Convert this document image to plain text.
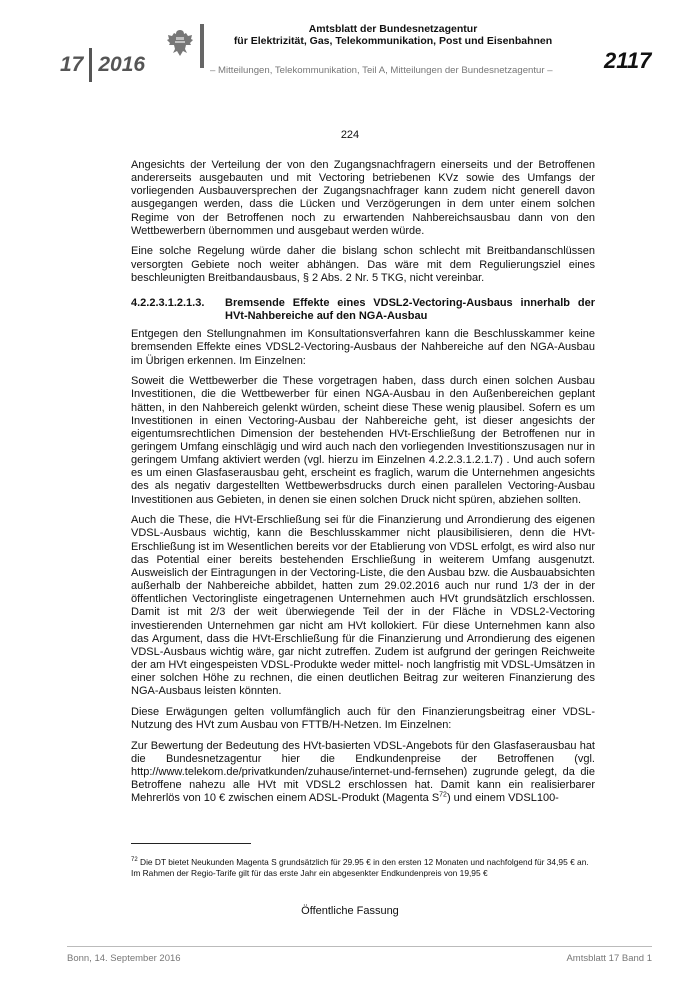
17 2016
Amtsblatt der Bundesnetzagentur
für Elektrizität, Gas, Telekommunikation, Post und Eisenbahnen
– Mitteilungen, Telekommunikation, Teil A, Mitteilungen der Bundesnetzagentur –	2117
224

Angesichts der Verteilung der von den Zugangsnachfragern einerseits und der Betroffenen andererseits ausgebauten und mit Vectoring betriebenen KVz sowie des Umfangs der vorliegenden Ausbauversprechen der Zugangsnachfrager kann zudem nicht generell davon ausgegangen werden, dass die Lücken und Verzögerungen in dem unter einem solchen Regime von der Betroffenen noch zu erwartenden Nahbereichsausbau dann von den Wettbewerbern übernommen und ausgebaut werden würde.

Eine solche Regelung würde daher die bislang schon schlecht mit Breitbandanschlüssen versorgten Gebiete noch weiter abhängen. Das wäre mit dem Regulierungsziel eines beschleunigten Breitbandausbaus, § 2 Abs. 2 Nr. 5 TKG, nicht vereinbar.

4.2.2.3.1.2.1.3.	Bremsende Effekte eines VDSL2-Vectoring-Ausbaus innerhalb der HVt-Nahbereiche auf den NGA-Ausbau

Entgegen den Stellungnahmen im Konsultationsverfahren kann die Beschlusskammer keine bremsenden Effekte eines VDSL2-Vectoring-Ausbaus der Nahbereiche auf den NGA-Ausbau im Übrigen erkennen. Im Einzelnen:

Soweit die Wettbewerber die These vorgetragen haben, dass durch einen solchen Ausbau Investitionen, die die Wettbewerber für einen NGA-Ausbau in den Außenbereichen geplant hätten, in den Nahbereich gelenkt würden, scheint diese These wenig plausibel. Sofern es um Investitionen in einen Vectoring-Ausbau der Nahbereiche geht, ist dieser angesichts der eigentumsrechtlichen Dimension der bestehenden HVt-Erschließung der Betroffenen nur in geringem Umfang einschlägig und wird auch nach den vorliegenden Investitionszusagen nur in geringem Umfang aktiviert werden (vgl. hierzu im Einzelnen 4.2.2.3.1.2.1.7) . Und auch sofern es um einen Glasfaserausbau geht, erscheint es fraglich, warum die Unternehmen angesichts des als negativ dargestellten Wettbewerbsdrucks durch einen parallelen Vectoring-Ausbau Investitionen aus Gebieten, in denen sie einen solchen Druck nicht spüren, abziehen sollten.

Auch die These, die HVt-Erschließung sei für die Finanzierung und Arrondierung des eigenen VDSL-Ausbaus wichtig, kann die Beschlusskammer nicht plausibilisieren, denn die HVt-Erschließung ist im Wesentlichen bereits vor der Etablierung von VDSL erfolgt, es wird also nur das Potential einer bereits bestehenden Erschließung in weiterem Umfang ausgenutzt. Ausweislich der Eintragungen in der Vectoring-Liste, die den Ausbau bzw. die Ausbauabsichten außerhalb der Nahbereiche abbildet, hatten zum 29.02.2016 auch nur rund 1/3 der in der öffentlichen Vectoringliste eingetragenen Unternehmen auch HVt grundsätzlich erschlossen. Damit ist mit 2/3 der weit überwiegende Teil der in der Fläche in VDSL2-Vectoring investierenden Unternehmen gar nicht am HVt kollokiert. Für diese Unternehmen kann also das Argument, dass die HVt-Erschließung für die Finanzierung und Arrondierung des eigenen VDSL-Ausbaus wichtig wäre, gar nicht zutreffen. Zudem ist aufgrund der geringen Reichweite der am HVt eingespeisten VDSL-Produkte weder mittel- noch langfristig mit VDSL-Umsätzen in einer solchen Höhe zu rechnen, die einen deutlichen Beitrag zur weiteren Finanzierung des NGA-Ausbaus leisten könnten.

Diese Erwägungen gelten vollumfänglich auch für den Finanzierungsbeitrag einer VDSL-Nutzung des HVt zum Ausbau von FTTB/H-Netzen. Im Einzelnen:

Zur Bewertung der Bedeutung des HVt-basierten VDSL-Angebots für den Glasfaserausbau hat die Bundesnetzagentur hier die Endkundenpreise der Betroffenen (vgl. http://www.telekom.de/privatkunden/zuhause/internet-und-fernsehen) zugrunde gelegt, da die Betroffene nahezu alle HVt mit VDSL2 erschlossen hat. Damit kann ein realisierbarer Mehrerlös von 10 € zwischen einem ADSL-Produkt (Magenta $S^{72}$) und einem VDSL100-

$^{72}$ Die DT bietet Neukunden Magenta S grundsätzlich für 29.95 € in den ersten 12 Monaten und nachfolgend für 34,95 € an. Im Rahmen der Regio-Tarife gilt für das erste Jahr ein abgesenkter Endkundenpreis von 19,95 €
Öffentliche Fassung
Bonn, 14. September 2016	Amtsblatt 17 Band 1
